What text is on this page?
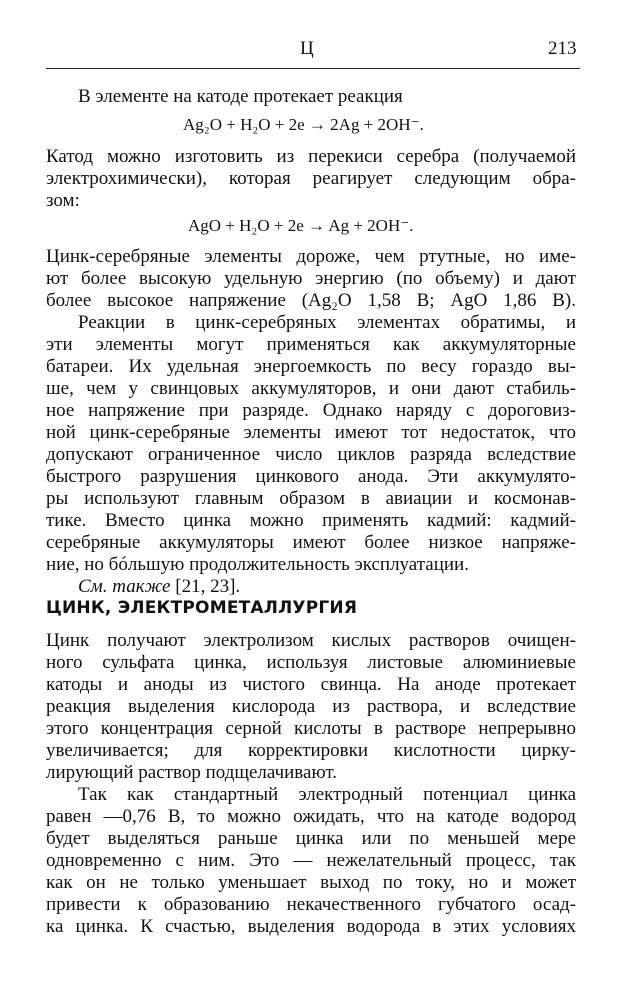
Ц	213
В элементе на катоде протекает реакция
Ag₂O + H₂O + 2e → 2Ag + 2OH⁻.
Катод можно изготовить из перекиси серебра (получаемой
электрохимически), которая реагирует следующим обра-
зом:
AgO + H₂O + 2e → Ag + 2OH⁻.
Цинк-серебряные элементы дороже, чем ртутные, но име-
ют более высокую удельную энергию (по объему) и дают
более высокое напряжение (Ag₂O 1,58 В; AgO 1,86 В).
Реакции в цинк-серебряных элементах обратимы, и
эти элементы могут применяться как аккумуляторные
батареи. Их удельная энергоемкость по весу гораздо вы-
ше, чем у свинцовых аккумуляторов, и они дают стабиль-
ное напряжение при разряде. Однако наряду с дороговиз-
ной цинк-серебряные элементы имеют тот недостаток, что
допускают ограниченное число циклов разряда вследствие
быстрого разрушения цинкового анода. Эти аккумулято-
ры используют главным образом в авиации и космонав-
тике. Вместо цинка можно применять кадмий: кадмий-
серебряные аккумуляторы имеют более низкое напряже-
ние, но бóльшую продолжительность эксплуатации.
См. также [21, 23].
ЦИНК, ЭЛЕКТРОМЕТАЛЛУРГИЯ
Цинк получают электролизом кислых растворов очищен-
ного сульфата цинка, используя листовые алюминиевые
катоды и аноды из чистого свинца. На аноде протекает
реакция выделения кислорода из раствора, и вследствие
этого концентрация серной кислоты в растворе непрерывно
увеличивается; для корректировки кислотности цирку-
лирующий раствор подщелачивают.
Так как стандартный электродный потенциал цинка
равен —0,76 В, то можно ожидать, что на катоде водород
будет выделяться раньше цинка или по меньшей мере
одновременно с ним. Это — нежелательный процесс, так
как он не только уменьшает выход по току, но и может
привести к образованию некачественного губчатого осад-
ка цинка. К счастью, выделения водорода в этих условиях
